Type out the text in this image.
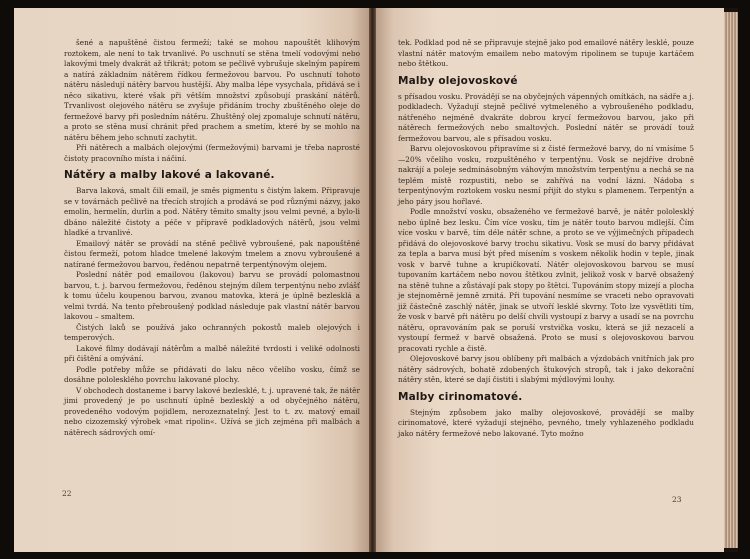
šené a napuštěné čistou fermeží; také se mohou napouštět klihovým roztokem, ale není to tak trvanlivé. Po uschnutí se stěna tmelí vodovými nebo lakovými tmely dvakrát až třikrát; potom se pečlivě vybrušuje skelným papírem a natírá základním nátěrem řídkou fermežovou barvou. Po uschnutí tohoto nátěru následují nátěry barvou hustější. Aby malba lépe vysychala, přidává se i něco sikativu, které však při větším množství způsobují praskání nátěrů. Trvanlivost olejového nátěru se zvyšuje přidáním trochy zbuštěného oleje do fermežové barvy při posledním nátěru. Zhuštěný olej zpomaluje schnutí nátěru, a proto se stěna musí chránit před prachem a smetím, které by se mohlo na nátěru během jeho schnutí zachytit.

Při nátěrech a malbách olejovými (fermežovými) barvami je třeba naprosté čistoty pracovního místa i náčiní.

Nátěry a malby lakové a lakované.

Barva laková, smalt čili email, je směs pigmentu s čistým lakem. Připravuje se v továrnách pečlivě na třecích strojích a prodává se pod různými názvy, jako emolin, hermelín, durlin a pod. Nátěry těmito smalty jsou velmi pevné, a bylo-li dbáno náležité čistoty a péče v přípravě podkladových nátěrů, jsou velmi hladké a trvanlivé.

Emailový nátěr se provádí na stěně pečlivě vybroušené, pak napouštěné čistou fermeží, potom hladce tmelené lakovým tmelem a znovu vybroušené a natírané fermežovou barvou, ředěnou nepatrně terpentýnovým olejem.

Poslední nátěr pod emailovou (lakovou) barvu se provádí polomastnou barvou, t. j. barvou fermežovou, ředěnou stejným dílem terpentýnu nebo zvlášť k tomu účelu koupenou barvou, zvanou matovka, která je úplně bezlesklá a velmi tvrdá. Na tento přebroušený podklad následuje pak vlastní nátěr barvou lakovou – smaltem.

Čistých laků se používá jako ochranných pokostů maleb olejových i temperových.

Lakové filmy dodávají nátěrům a malbě náležité tvrdosti i veliké odolnosti při čištění a omývání.

Podle potřeby může se přidávati do laku něco včelího vosku, čímž se dosáhne pololesklého povrchu lakované plochy.

V obchodech dostaneme i barvy lakové bezlesklé, t. j. upravené tak, že nátěr jimi provedený je po uschnutí úplně bezlesklý a od obyčejného nátěru, provedeného vodovým pojidlem, nerozeznatelný. Jest to t. zv. matový email nebo cizozemský výrobek »mat ripolin«. Užívá se jich zejména při malbách a nátěrech sádrových omí-

tek. Podklad pod ně se připravuje stejně jako pod emailové nátěry lesklé, pouze vlastní nátěr matovým emailem nebo matovým ripolinem se tupuje kartáčem nebo štětkou.

Malby olejovoskové

s přísadou vosku. Provádějí se na obyčejných vápenných omítkách, na sádře a j. podkladech. Vyžadují stejně pečlivé vytmeleného a vybroušeného podkladu, nátřeného nejméně dvakráte dobrou krycí fermežovou barvou, jako při nátěrech fermežových nebo smaltových. Poslední nátěr se provádí touž fermežovou barvou, ale s přísadou vosku.

Barvu olejovoskovou připravíme si z čisté fermežové barvy, do ní vmísíme 5—20% včelího vosku, rozpuštěného v terpentýnu. Vosk se nejdříve drobně nakrájí a poleje sedminásobným váhovým množstvím terpentýnu a nechá se na teplém místě rozpustiti, nebo se zahřívá na vodní lázni. Nádoba s terpentýnovým roztokem vosku nesmí přijít do styku s plamenem. Terpentýn a jeho páry jsou hořlavé.

Podle množství vosku, obsaženého ve fermežové barvě, je nátěr pololesklý nebo úplně bez lesku. Čím více vosku, tím je nátěr touto barvou mdlejší. Čím více vosku v barvě, tím déle nátěr schne, a proto se ve výjimečných případech přidává do olejovoskové barvy trochu sikativu. Vosk se musí do barvy přidávat za tepla a barva musí být před mísením s voskem několik hodin v teple, jinak vosk v barvě tuhne a krupičkovatí. Nátěr olejovoskovou barvou se musí tupovaním kartáčem nebo novou štětkou zvlnit, jelikož vosk v barvě obsažený na stěně tuhne a zůstávají pak stopy po štětci. Tupováním stopy mizejí a plocha je stejnoměrně jemně zrnitá. Při tupování nesmíme se vraceti nebo opravovati již částečně zaschlý nátěr, jinak se utvoří lesklé skvrny. Toto lze vysvětliti tím, že vosk v barvě při nátěru po delší chvíli vystoupí z barvy a usadí se na povrchu nátěru, opravováním pak se poruší vrstvička vosku, která se již nezacelí a vystoupí fermež v barvě obsažená. Proto se musí s olejovoskovou barvou pracovati rychle a čistě.

Olejovoskové barvy jsou oblíbeny při malbách a výzdobách vnitřních jak pro nátěry sádrových, bohatě zdobených štukových stropů, tak i jako dekorační nátěry stěn, které se dají čistiti i slabými mýdlovými louhy.

Malby cirinomatové.

Stejným způsobem jako malby olejovoskové, provádějí se malby cirinomatové, které vyžadují stejného, pevného, tmely vyhlazeného podkladu jako nátěry fermežové nebo lakované. Tyto možno

22
23
